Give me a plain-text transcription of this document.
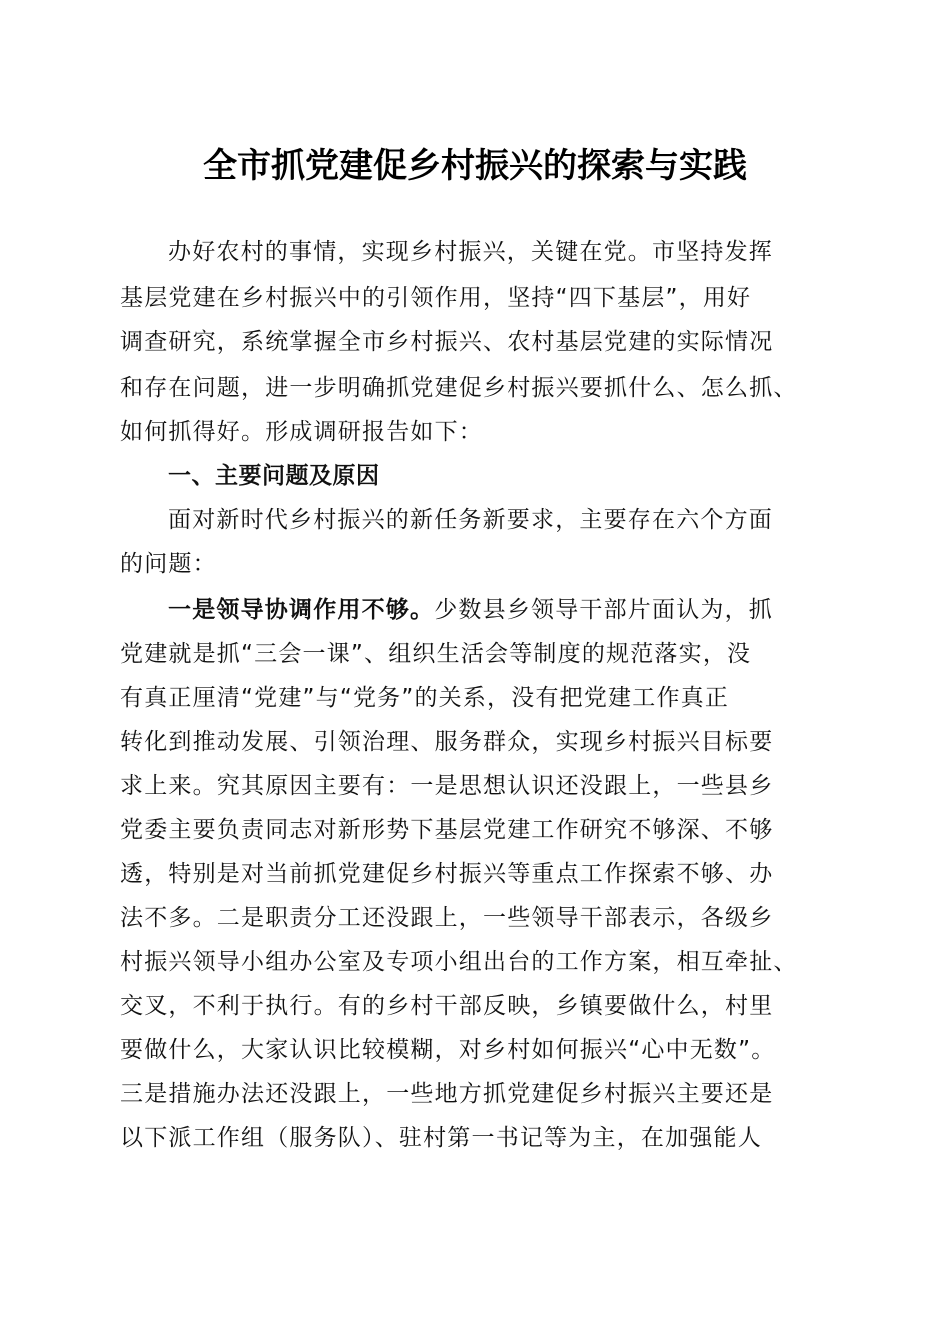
全市抓党建促乡村振兴的探索与实践
办好农村的事情，实现乡村振兴，关键在党。市坚持发挥
基层党建在乡村振兴中的引领作用，坚持“四下基层”，用好
调查研究，系统掌握全市乡村振兴、农村基层党建的实际情况
和存在问题，进一步明确抓党建促乡村振兴要抓什么、怎么抓、
如何抓得好。形成调研报告如下：
一、主要问题及原因
面对新时代乡村振兴的新任务新要求，主要存在六个方面
的问题：
一是领导协调作用不够。少数县乡领导干部片面认为，抓
党建就是抓“三会一课”、组织生活会等制度的规范落实，没
有真正厘清“党建”与“党务”的关系，没有把党建工作真正
转化到推动发展、引领治理、服务群众，实现乡村振兴目标要
求上来。究其原因主要有：一是思想认识还没跟上，一些县乡
党委主要负责同志对新形势下基层党建工作研究不够深、不够
透，特别是对当前抓党建促乡村振兴等重点工作探索不够、办
法不多。二是职责分工还没跟上，一些领导干部表示，各级乡
村振兴领导小组办公室及专项小组出台的工作方案，相互牵扯、
交叉，不利于执行。有的乡村干部反映，乡镇要做什么，村里
要做什么，大家认识比较模糊，对乡村如何振兴“心中无数”。
三是措施办法还没跟上，一些地方抓党建促乡村振兴主要还是
以下派工作组（服务队）、驻村第一书记等为主，在加强能人
